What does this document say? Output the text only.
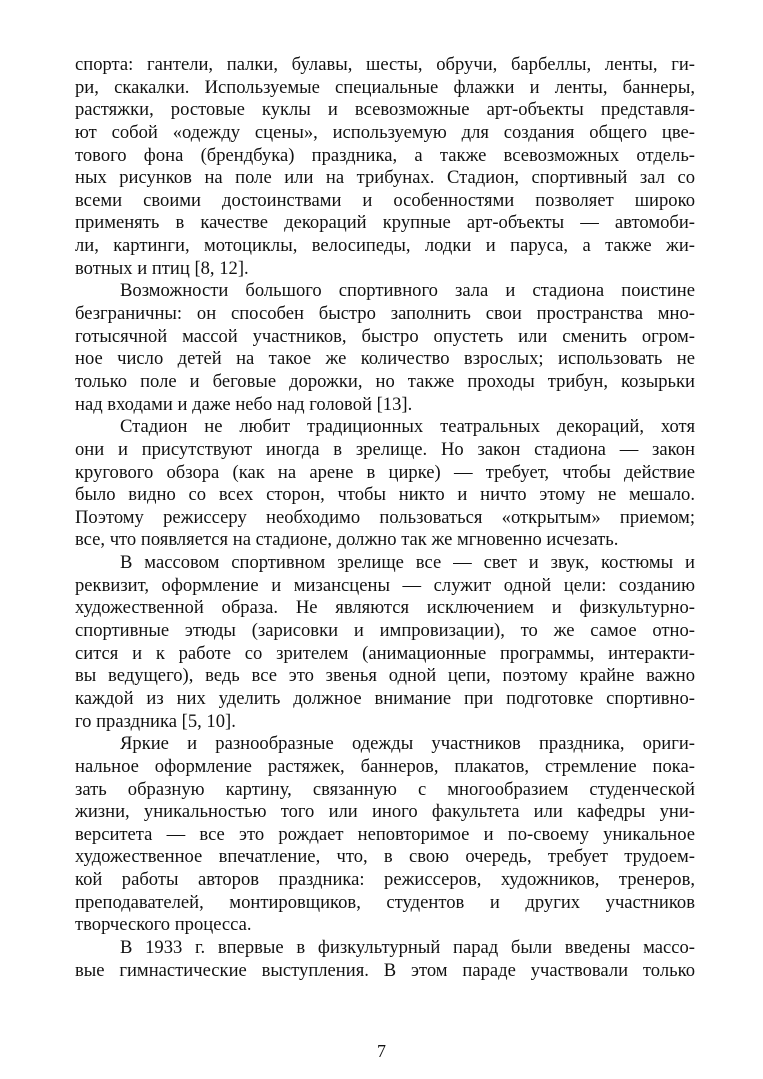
спорта: гантели, палки, булавы, шесты, обручи, барбеллы, ленты, ги-
ри, скакалки. Используемые специальные флажки и ленты, баннеры,
растяжки, ростовые куклы и всевозможные арт-объекты представля-
ют собой «одежду сцены», используемую для создания общего цве-
тового фона (брендбука) праздника, а также всевозможных отдель-
ных рисунков на поле или на трибунах. Стадион, спортивный зал со
всеми своими достоинствами и особенностями позволяет широко
применять в качестве декораций крупные арт-объекты — автомоби-
ли, картинги, мотоциклы, велосипеды, лодки и паруса, а также жи-
вотных и птиц [8, 12].
Возможности большого спортивного зала и стадиона поистине
безграничны: он способен быстро заполнить свои пространства мно-
готысячной массой участников, быстро опустеть или сменить огром-
ное число детей на такое же количество взрослых; использовать не
только поле и беговые дорожки, но также проходы трибун, козырьки
над входами и даже небо над головой [13].
Стадион не любит традиционных театральных декораций, хотя
они и присутствуют иногда в зрелище. Но закон стадиона — закон
кругового обзора (как на арене в цирке) — требует, чтобы действие
было видно со всех сторон, чтобы никто и ничто этому не мешало.
Поэтому режиссеру необходимо пользоваться «открытым» приемом;
все, что появляется на стадионе, должно так же мгновенно исчезать.
В массовом спортивном зрелище все — свет и звук, костюмы и
реквизит, оформление и мизансцены — служит одной цели: созданию
художественной образа. Не являются исключением и физкультурно-
спортивные этюды (зарисовки и импровизации), то же самое отно-
сится и к работе со зрителем (анимационные программы, интеракти-
вы ведущего), ведь все это звенья одной цепи, поэтому крайне важно
каждой из них уделить должное внимание при подготовке спортивно-
го праздника [5, 10].
Яркие и разнообразные одежды участников праздника, ориги-
нальное оформление растяжек, баннеров, плакатов, стремление пока-
зать образную картину, связанную с многообразием студенческой
жизни, уникальностью того или иного факультета или кафедры уни-
верситета — все это рождает неповторимое и по-своему уникальное
художественное впечатление, что, в свою очередь, требует трудоем-
кой работы авторов праздника: режиссеров, художников, тренеров,
преподавателей, монтировщиков, студентов и других участников
творческого процесса.
В 1933 г. впервые в физкультурный парад были введены массо-
вые гимнастические выступления. В этом параде участвовали только
7
